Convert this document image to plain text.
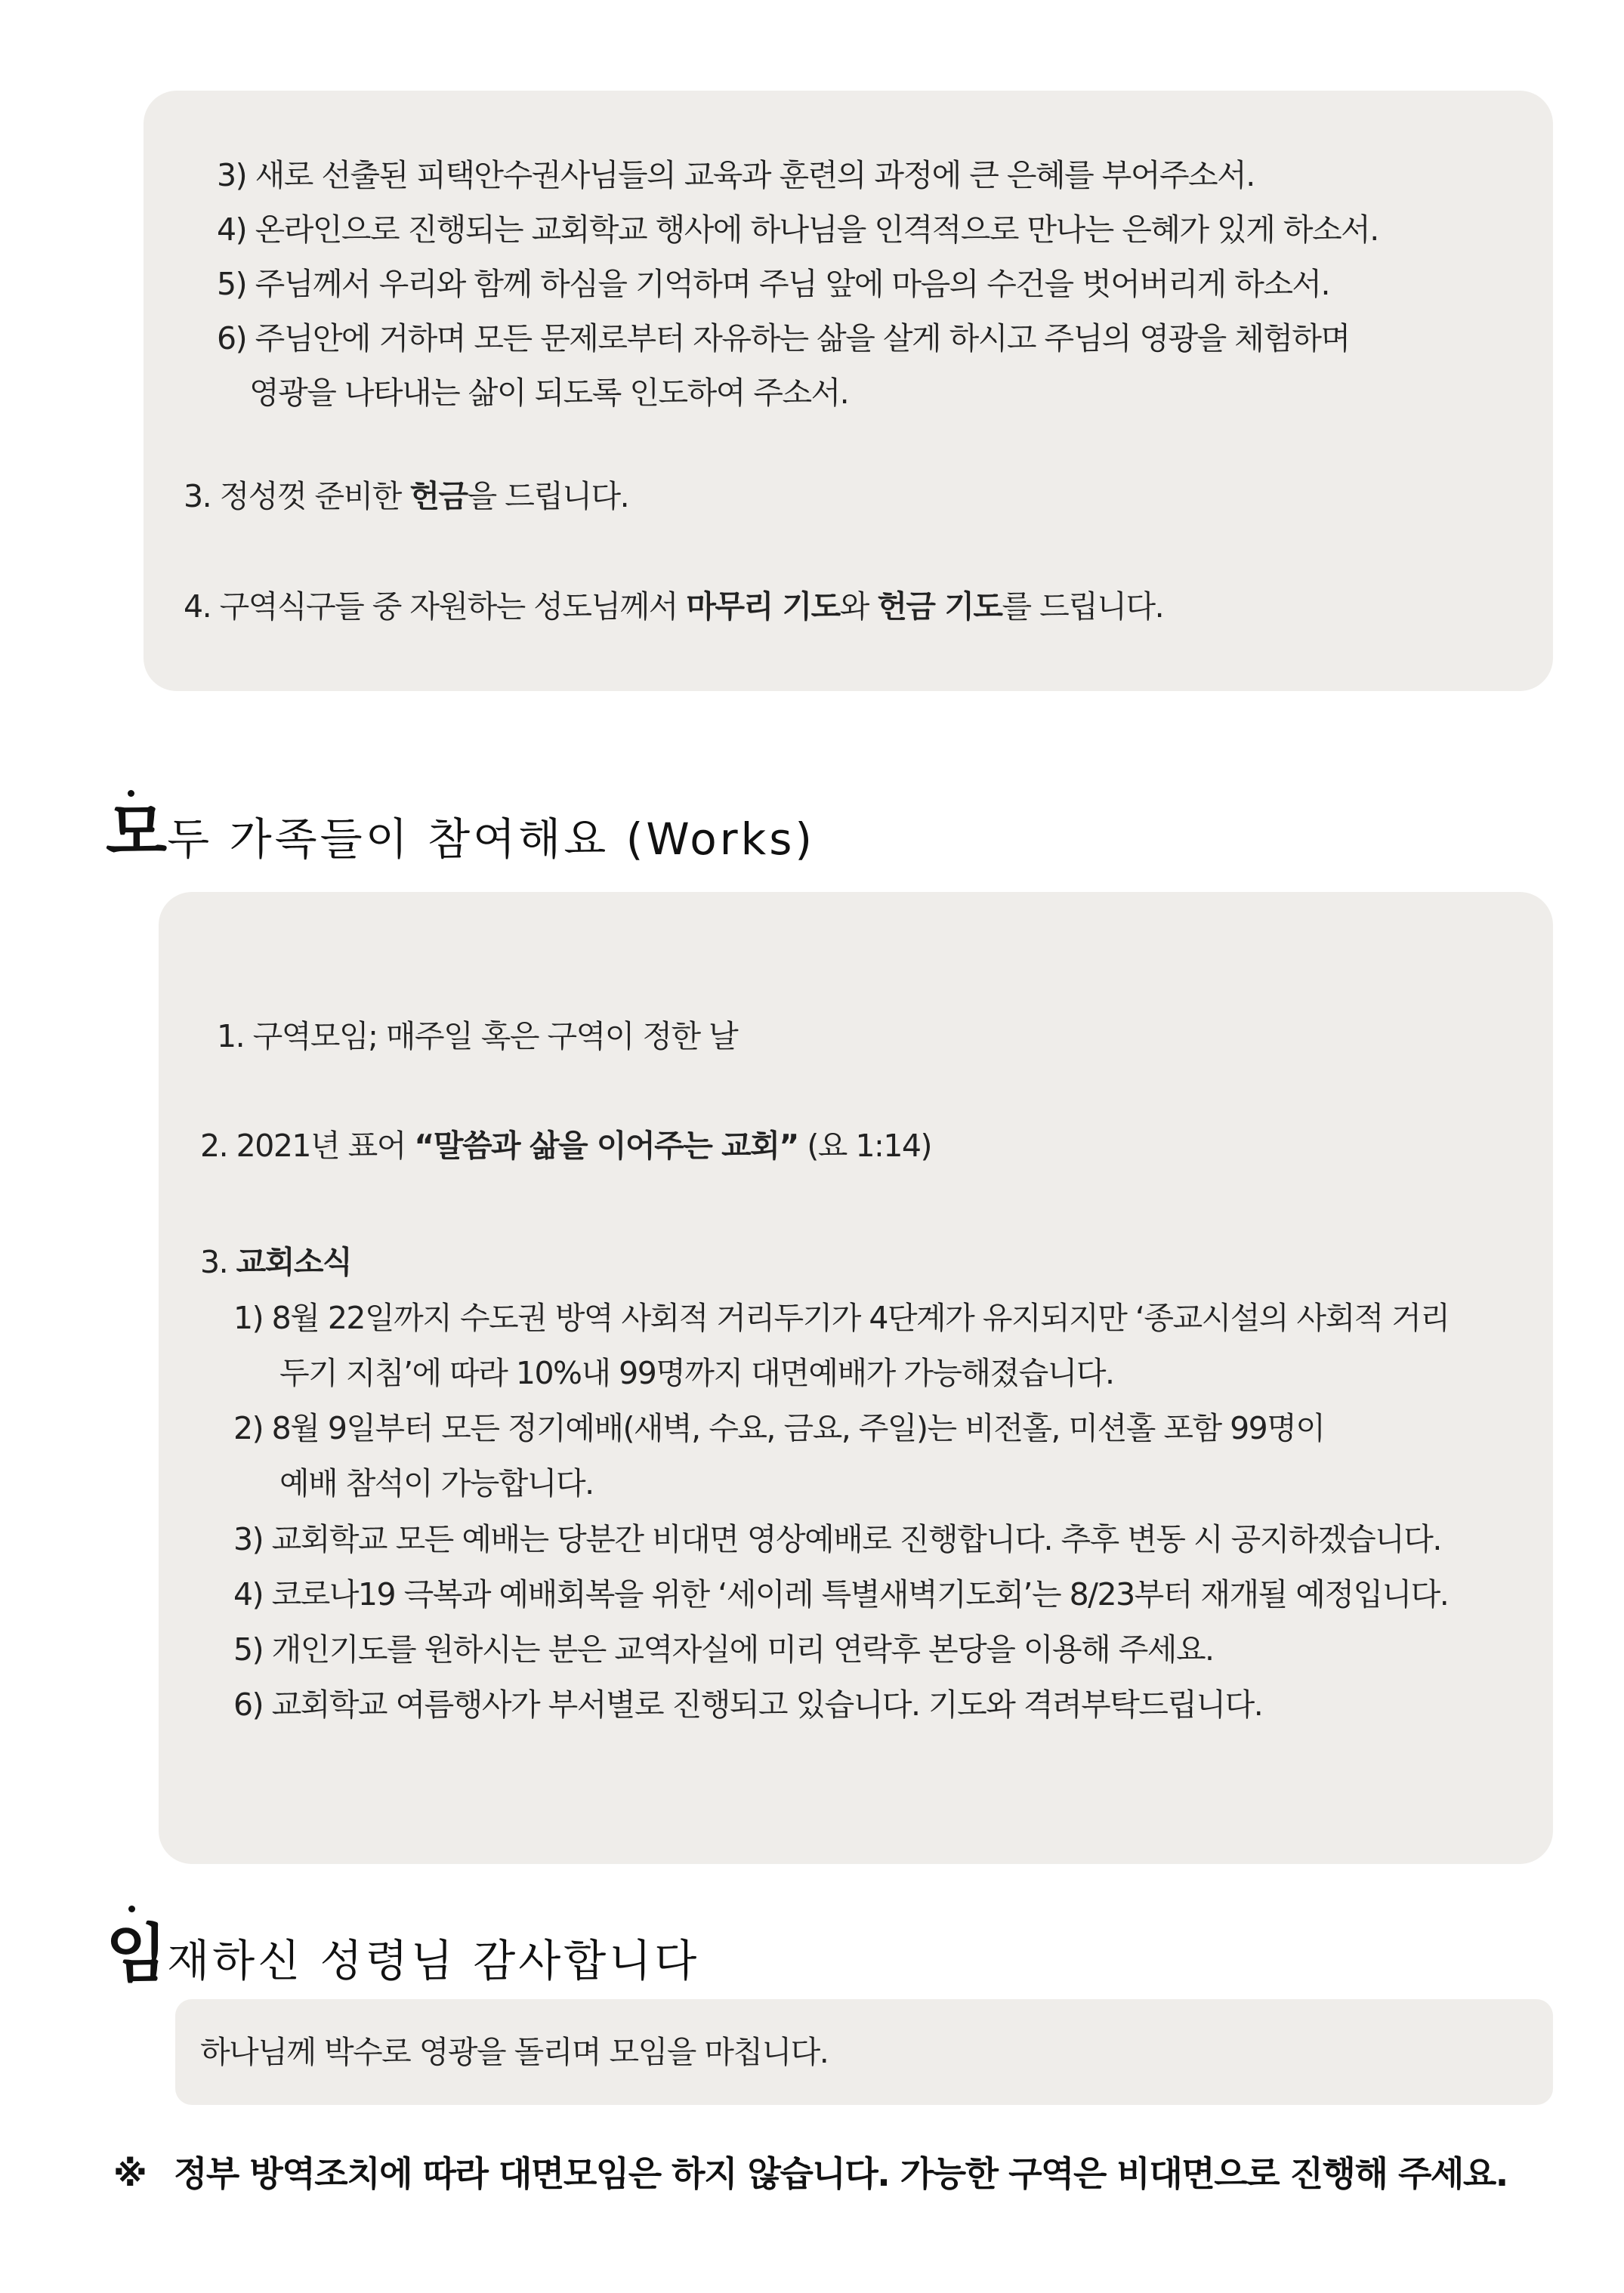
3) 새로 선출된 피택안수권사님들의 교육과 훈련의 과정에 큰 은혜를 부어주소서.
4) 온라인으로 진행되는 교회학교 행사에 하나님을 인격적으로 만나는 은혜가 있게 하소서.
5) 주님께서 우리와 함께 하심을 기억하며 주님 앞에 마음의 수건을 벗어버리게 하소서.
6) 주님안에 거하며 모든 문제로부터 자유하는 삶을 살게 하시고 주님의 영광을 체험하며
영광을 나타내는 삶이 되도록 인도하여 주소서.
3. 정성껏 준비한 헌금을 드립니다.
4. 구역식구들 중 자원하는 성도님께서 마무리 기도와 헌금 기도를 드립니다.
모두 가족들이 참여해요 (Works)
1. 구역모임; 매주일 혹은 구역이 정한 날
2. 2021년 표어 “말씀과 삶을 이어주는 교회” (요 1:14)
3. 교회소식
1) 8월 22일까지 수도권 방역 사회적 거리두기가 4단계가 유지되지만 ‘종교시설의 사회적 거리
두기 지침’에 따라 10%내 99명까지 대면예배가 가능해졌습니다.
2) 8월 9일부터 모든 정기예배(새벽, 수요, 금요, 주일)는 비전홀, 미션홀 포함 99명이
예배 참석이 가능합니다.
3) 교회학교 모든 예배는 당분간 비대면 영상예배로 진행합니다. 추후 변동 시 공지하겠습니다.
4) 코로나19 극복과 예배회복을 위한 ‘세이레 특별새벽기도회’는 8/23부터 재개될 예정입니다.
5) 개인기도를 원하시는 분은 교역자실에 미리 연락후 본당을 이용해 주세요.
6) 교회학교 여름행사가 부서별로 진행되고 있습니다. 기도와 격려부탁드립니다.
임재하신 성령님 감사합니다
하나님께 박수로 영광을 돌리며 모임을 마칩니다.
※ 정부 방역조치에 따라 대면모임은 하지 않습니다. 가능한 구역은 비대면으로 진행해 주세요.
